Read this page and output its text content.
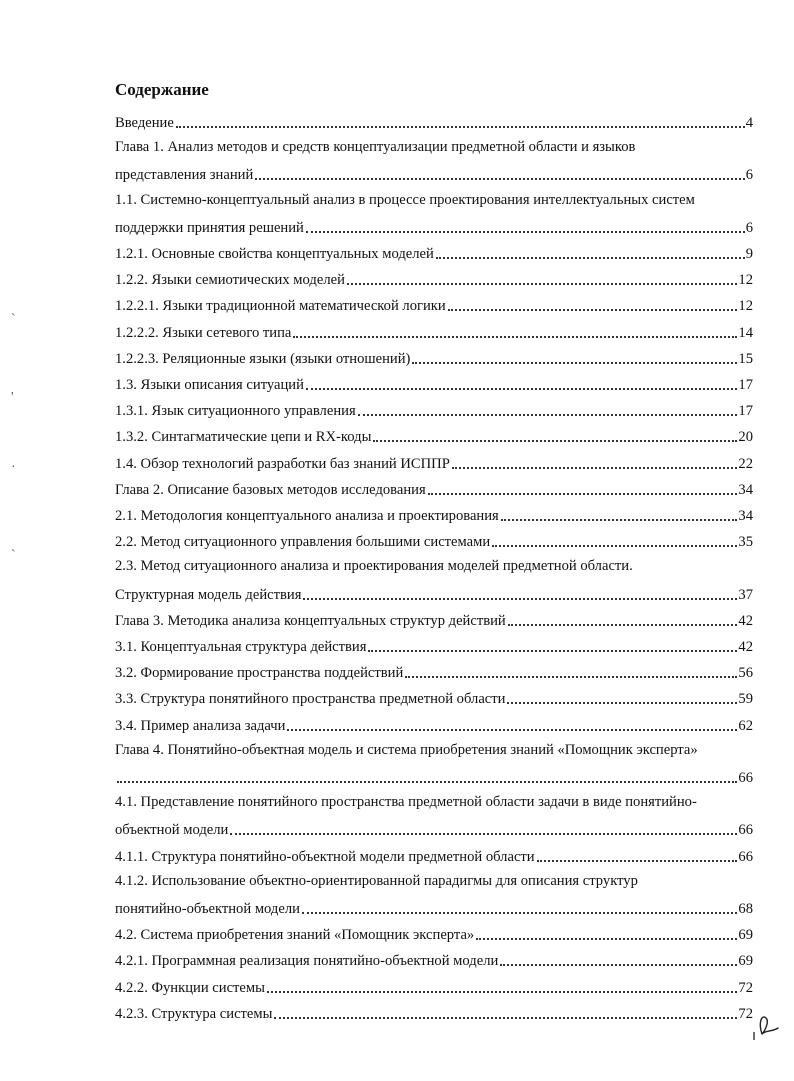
Содержание
Введение	4
Глава 1. Анализ методов и средств концептуализации предметной области и языков
представления знаний	6
1.1. Системно-концептуальный анализ в процессе проектирования интеллектуальных систем
поддержки принятия решений	6
1.2.1. Основные свойства концептуальных моделей	9
1.2.2. Языки семиотических моделей	12
1.2.2.1. Языки традиционной математической логики	12
1.2.2.2. Языки сетевого типа	14
1.2.2.3. Реляционные языки (языки отношений)	15
1.3. Языки описания ситуаций	17
1.3.1. Язык ситуационного управления	17
1.3.2. Синтагматические цепи и RX-коды	20
1.4. Обзор технологий разработки баз знаний ИСППР	22
Глава 2. Описание базовых методов исследования	34
2.1. Методология концептуального анализа и проектирования	34
2.2. Метод ситуационного управления большими системами	35
2.3. Метод ситуационного анализа и проектирования моделей предметной области.
Структурная модель действия	37
Глава 3. Методика анализа концептуальных структур действий	42
3.1. Концептуальная структура действия	42
3.2. Формирование пространства поддействий	56
3.3. Структура понятийного пространства предметной области	59
3.4. Пример анализа задачи	62
Глава 4. Понятийно-объектная модель и система приобретения знаний «Помощник эксперта»
66
4.1. Представление понятийного пространства предметной области задачи в виде понятийно-
объектной модели	66
4.1.1. Структура понятийно-объектной модели предметной области	66
4.1.2. Использование объектно-ориентированной парадигмы для описания структур
понятийно-объектной модели	68
4.2. Система приобретения знаний «Помощник эксперта»	69
4.2.1. Программная реализация понятийно-объектной модели	69
4.2.2. Функции системы	72
4.2.3. Структура системы	72
`
'
·
`
